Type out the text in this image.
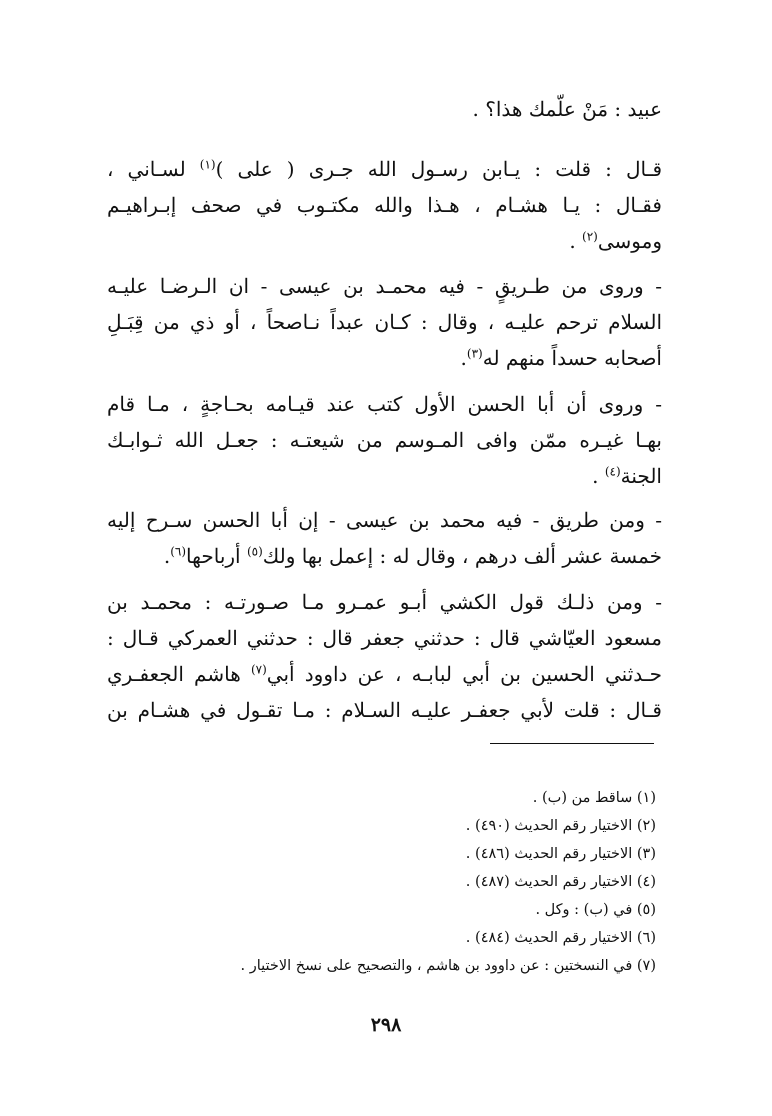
عبيد : مَنْ علّمك هذا؟ .
قـال : قلت : يـابن رسـول الله جـرى ( على )$^{(١)}$ لسـاني ،
فقـال : يـا هشـام ، هـذا والله مكتـوب في صحف إبـراهيـم
وموسى$^{(٢)}$ .
- وروى من طـريقٍ - فيه محمـد بن عيسى - ان الـرضـا عليـه
السلام ترحم عليـه ، وقال : كـان عبداً نـاصحاً ، أو ذي من قِبَـلِ
أصحابه حسداً منهم له$^{(٣)}$.
- وروى أن أبا الحسن الأول كتب عند قيـامه بحـاجةٍ ، مـا قام
بهـا غيـره ممّن وافى المـوسم من شيعتـه : جعـل الله ثـوابـك
الجنة$^{(٤)}$ .
- ومن طريق - فيه محمد بن عيسى - إن أبا الحسن سـرح إليه
خمسة عشر ألف درهم ، وقال له : إعمل بها ولك$^{(٥)}$ أرباحها$^{(٦)}$.
- ومن ذلـك قول الكشي أبـو عمـرو مـا صـورتـه : محمـد بن
مسعود العيّاشي قال : حدثني جعفر قال : حدثني العمركي قـال :
حـدثني الحسين بن أبي لبابـه ، عن داوود أبي$^{(٧)}$ هاشم الجعفـري
قـال : قلت لأبي جعفـر عليـه السـلام : مـا تقـول في هشـام بن
(١) ساقط من (ب) .
(٢) الاختيار رقم الحديث (٤٩٠) .
(٣) الاختيار رقم الحديث (٤٨٦) .
(٤) الاختيار رقم الحديث (٤٨٧) .
(٥) في (ب) : وكل .
(٦) الاختيار رقم الحديث (٤٨٤) .
(٧) في النسختين : عن داوود بن هاشم ، والتصحيح على نسخ الاختيار .
٢٩٨
